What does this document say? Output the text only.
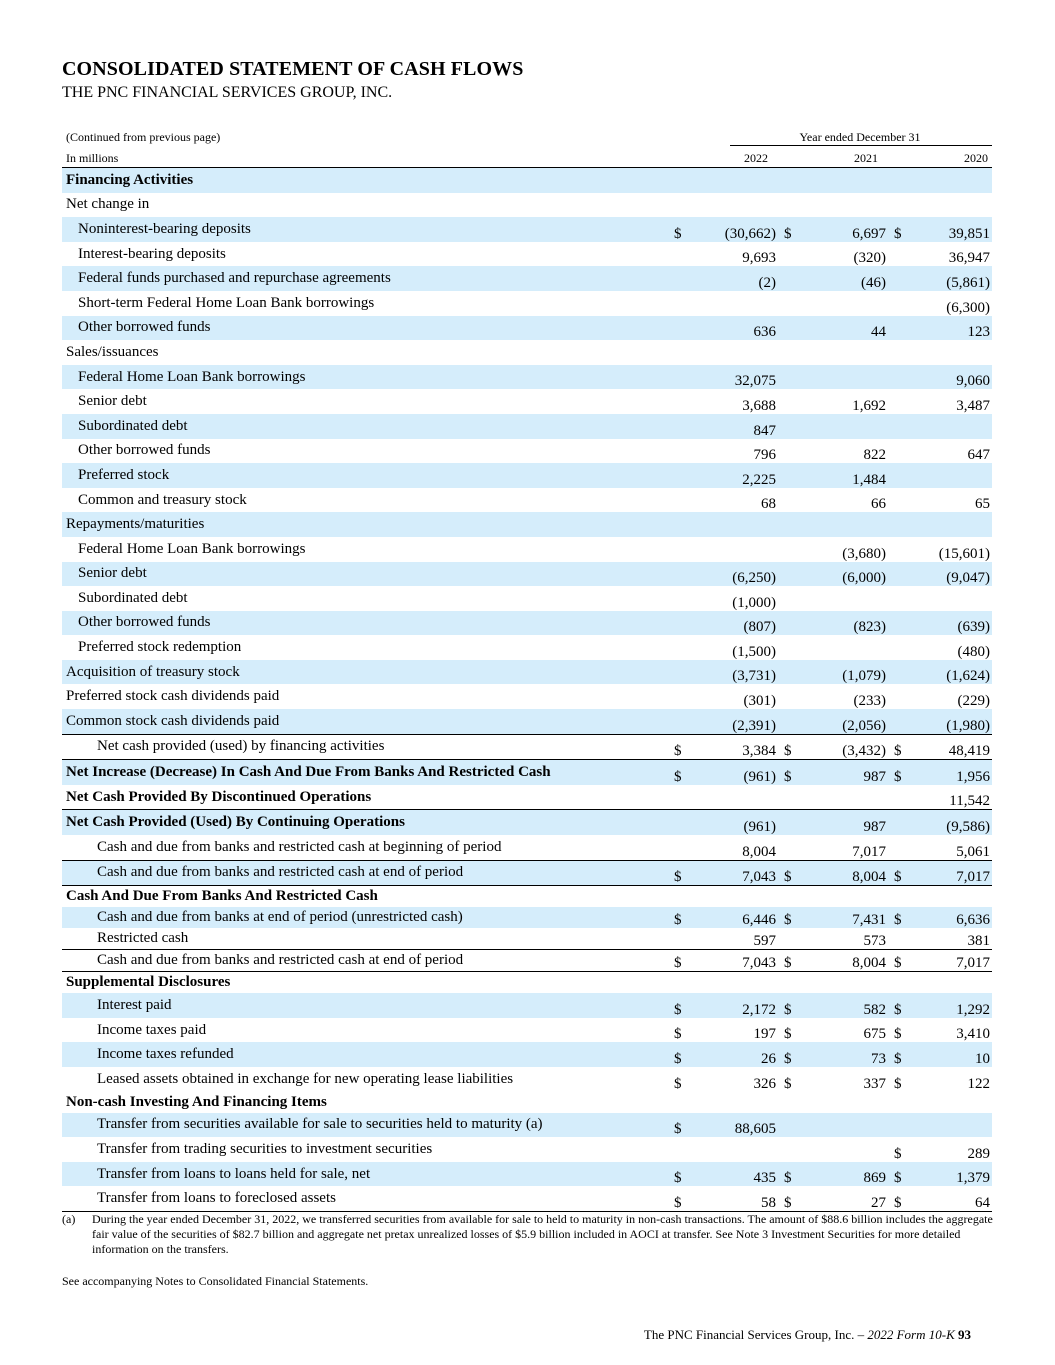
CONSOLIDATED STATEMENT OF CASH FLOWS
THE PNC FINANCIAL SERVICES GROUP, INC.
(Continued from previous page)	Year ended December 31
In millions	2022	2021	2020
Financing Activities						
Net change in						
Noninterest-bearing deposits	$	(30,662)	$	6,697	$	39,851
Interest-bearing deposits		9,693		(320)		36,947
Federal funds purchased and repurchase agreements		(2)		(46)		(5,861)
Short-term Federal Home Loan Bank borrowings						(6,300)
Other borrowed funds		636		44		123
Sales/issuances						
Federal Home Loan Bank borrowings		32,075				9,060
Senior debt		3,688		1,692		3,487
Subordinated debt		847				
Other borrowed funds		796		822		647
Preferred stock		2,225		1,484		
Common and treasury stock		68		66		65
Repayments/maturities						
Federal Home Loan Bank borrowings				(3,680)		(15,601)
Senior debt		(6,250)		(6,000)		(9,047)
Subordinated debt		(1,000)				
Other borrowed funds		(807)		(823)		(639)
Preferred stock redemption		(1,500)				(480)
Acquisition of treasury stock		(3,731)		(1,079)		(1,624)
Preferred stock cash dividends paid		(301)		(233)		(229)
Common stock cash dividends paid		(2,391)		(2,056)		(1,980)
Net cash provided (used) by financing activities	$	3,384	$	(3,432)	$	48,419
Net Increase (Decrease) In Cash And Due From Banks And Restricted Cash	$	(961)	$	987	$	1,956
Net Cash Provided By Discontinued Operations						11,542
Net Cash Provided (Used) By Continuing Operations		(961)		987		(9,586)
Cash and due from banks and restricted cash at beginning of period		8,004		7,017		5,061
Cash and due from banks and restricted cash at end of period	$	7,043	$	8,004	$	7,017
Cash And Due From Banks And Restricted Cash						
Cash and due from banks at end of period (unrestricted cash)	$	6,446	$	7,431	$	6,636
Restricted cash		597		573		381
Cash and due from banks and restricted cash at end of period	$	7,043	$	8,004	$	7,017
Supplemental Disclosures						
Interest paid	$	2,172	$	582	$	1,292
Income taxes paid	$	197	$	675	$	3,410
Income taxes refunded	$	26	$	73	$	10
Leased assets obtained in exchange for new operating lease liabilities	$	326	$	337	$	122
Non-cash Investing And Financing Items						
Transfer from securities available for sale to securities held to maturity (a)	$	88,605				
Transfer from trading securities to investment securities					$	289
Transfer from loans to loans held for sale, net	$	435	$	869	$	1,379
Transfer from loans to foreclosed assets	$	58	$	27	$	64
(a) During the year ended December 31, 2022, we transferred securities from available for sale to held to maturity in non-cash transactions. The amount of $88.6 billion includes the aggregate fair value of the securities of $82.7 billion and aggregate net pretax unrealized losses of $5.9 billion included in AOCI at transfer. See Note 3 Investment Securities for more detailed information on the transfers.
See accompanying Notes to Consolidated Financial Statements.
The PNC Financial Services Group, Inc. – 2022 Form 10-K 93
